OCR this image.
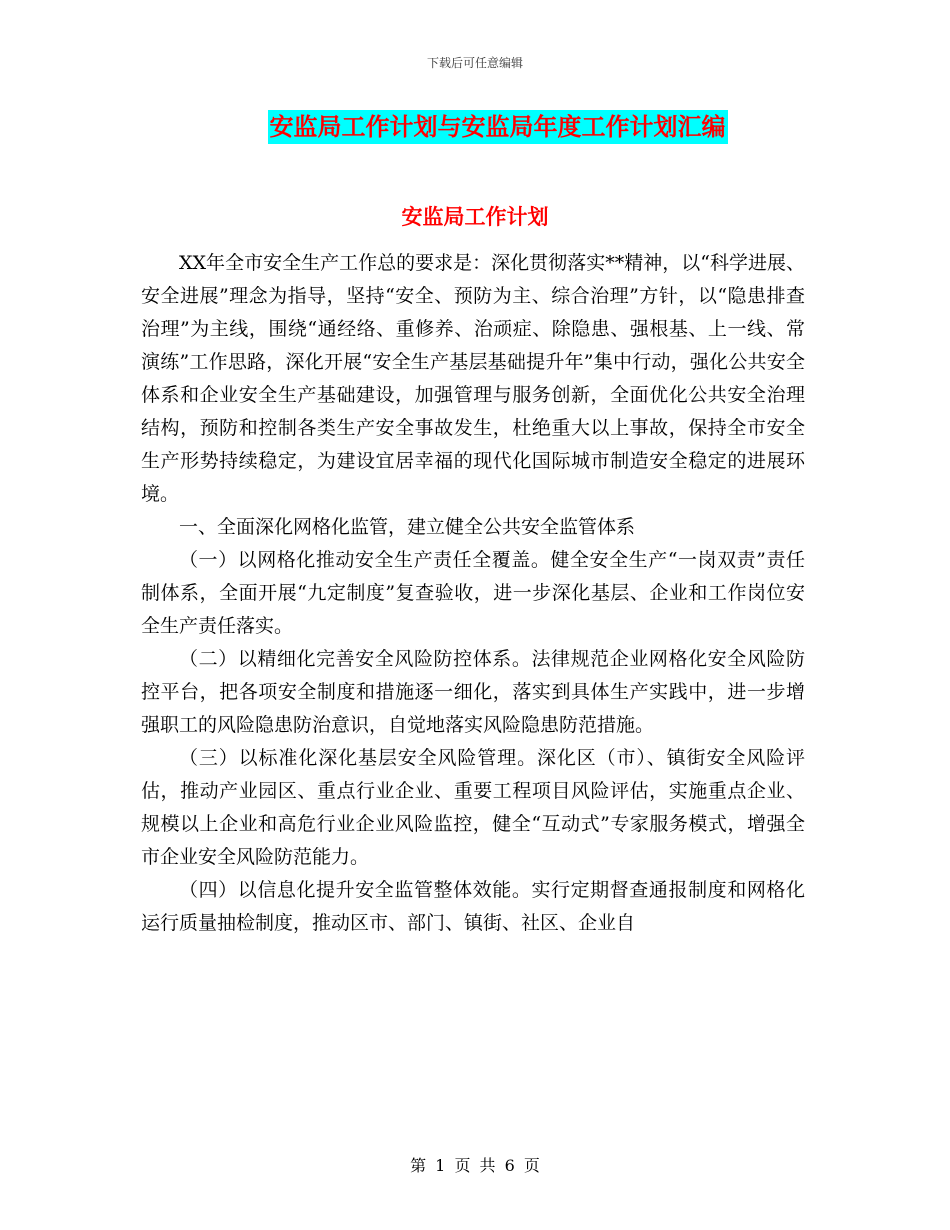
下载后可任意编辑
安监局工作计划与安监局年度工作计划汇编
安监局工作计划

XX年全市安全生产工作总的要求是：深化贯彻落实**精神，以“科学进展、安全进展”理念为指导，坚持“安全、预防为主、综合治理”方针，以“隐患排查治理”为主线，围绕“通经络、重修养、治顽症、除隐患、强根基、上一线、常演练”工作思路，深化开展“安全生产基层基础提升年”集中行动，强化公共安全体系和企业安全生产基础建设，加强管理与服务创新，全面优化公共安全治理结构，预防和控制各类生产安全事故发生，杜绝重大以上事故，保持全市安全生产形势持续稳定，为建设宜居幸福的现代化国际城市制造安全稳定的进展环境。

一、全面深化网格化监管，建立健全公共安全监管体系

（一）以网格化推动安全生产责任全覆盖。健全安全生产“一岗双责”责任制体系，全面开展“九定制度”复查验收，进一步深化基层、企业和工作岗位安全生产责任落实。

（二）以精细化完善安全风险防控体系。法律规范企业网格化安全风险防控平台，把各项安全制度和措施逐一细化，落实到具体生产实践中，进一步增强职工的风险隐患防治意识，自觉地落实风险隐患防范措施。

（三）以标准化深化基层安全风险管理。深化区（市）、镇街安全风险评估，推动产业园区、重点行业企业、重要工程项目风险评估，实施重点企业、规模以上企业和高危行业企业风险监控，健全“互动式”专家服务模式，增强全市企业安全风险防范能力。

（四）以信息化提升安全监管整体效能。实行定期督查通报制度和网格化运行质量抽检制度，推动区市、部门、镇街、社区、企业自

第 1 页 共 6 页
